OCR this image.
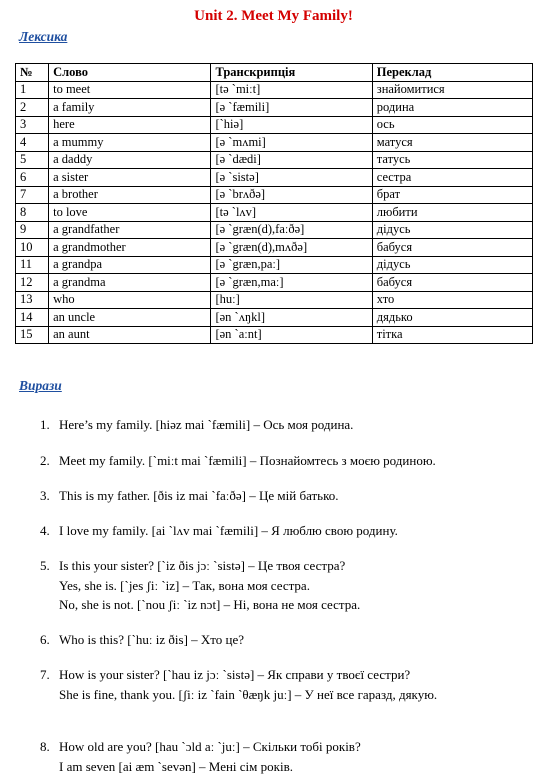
Unit 2. Meet My Family!
Лексика
№	Слово	Транскрипція	Переклад
1	to meet	[tə `miːt]	знайомитися
2	a family	[ə `fæmili]	родина
3	here	[`hiə]	ось
4	a mummy	[ə `mʌmi]	матуся
5	a daddy	[ə `dædi]	татусь
6	a sister	[ə `sistə]	сестра
7	a brother	[ə `brʌðə]	брат
8	to love	[tə `lʌv]	любити
9	a grandfather	[ə `græn(d),faːðə]	дідусь
10	a grandmother	[ə `græn(d),mʌðə]	бабуся
11	a grandpa	[ə `græn,paː]	дідусь
12	a grandma	[ə `græn,maː]	бабуся
13	who	[huː]	хто
14	an uncle	[ən `ʌŋkl]	дядько
15	an aunt	[ən `aːnt]	тітка
Вирази
1. Here’s my family. [hiəz mai `fæmili] – Ось моя родина.
2. Meet my family. [`miːt mai `fæmili] – Познайомтесь з моєю родиною.
3. This is my father. [ðis iz mai `faːðə] – Це мій батько.
4. I love my family. [ai `lʌv mai `fæmili] – Я люблю свою родину.
5. Is this your sister? [`iz ðis jɔː `sistə] – Це твоя сестра?
Yes, she is. [`jes ʃiː `iz] – Так, вона моя сестра.
No, she is not. [`nou ʃiː `iz nɔt] – Ні, вона не моя сестра.
6. Who is this? [`huː iz ðis] – Хто це?
7. How is your sister? [`hau iz jɔː `sistə] – Як справи у твоєї сестри?
She is fine, thank you. [ʃiː iz `fain `θæŋk juː] – У неї все гаразд, дякую.
8. How old are you? [hau `ɔld aː `juː] – Скільки тобі років?
I am seven [ai æm `sevən] – Мені сім років.
